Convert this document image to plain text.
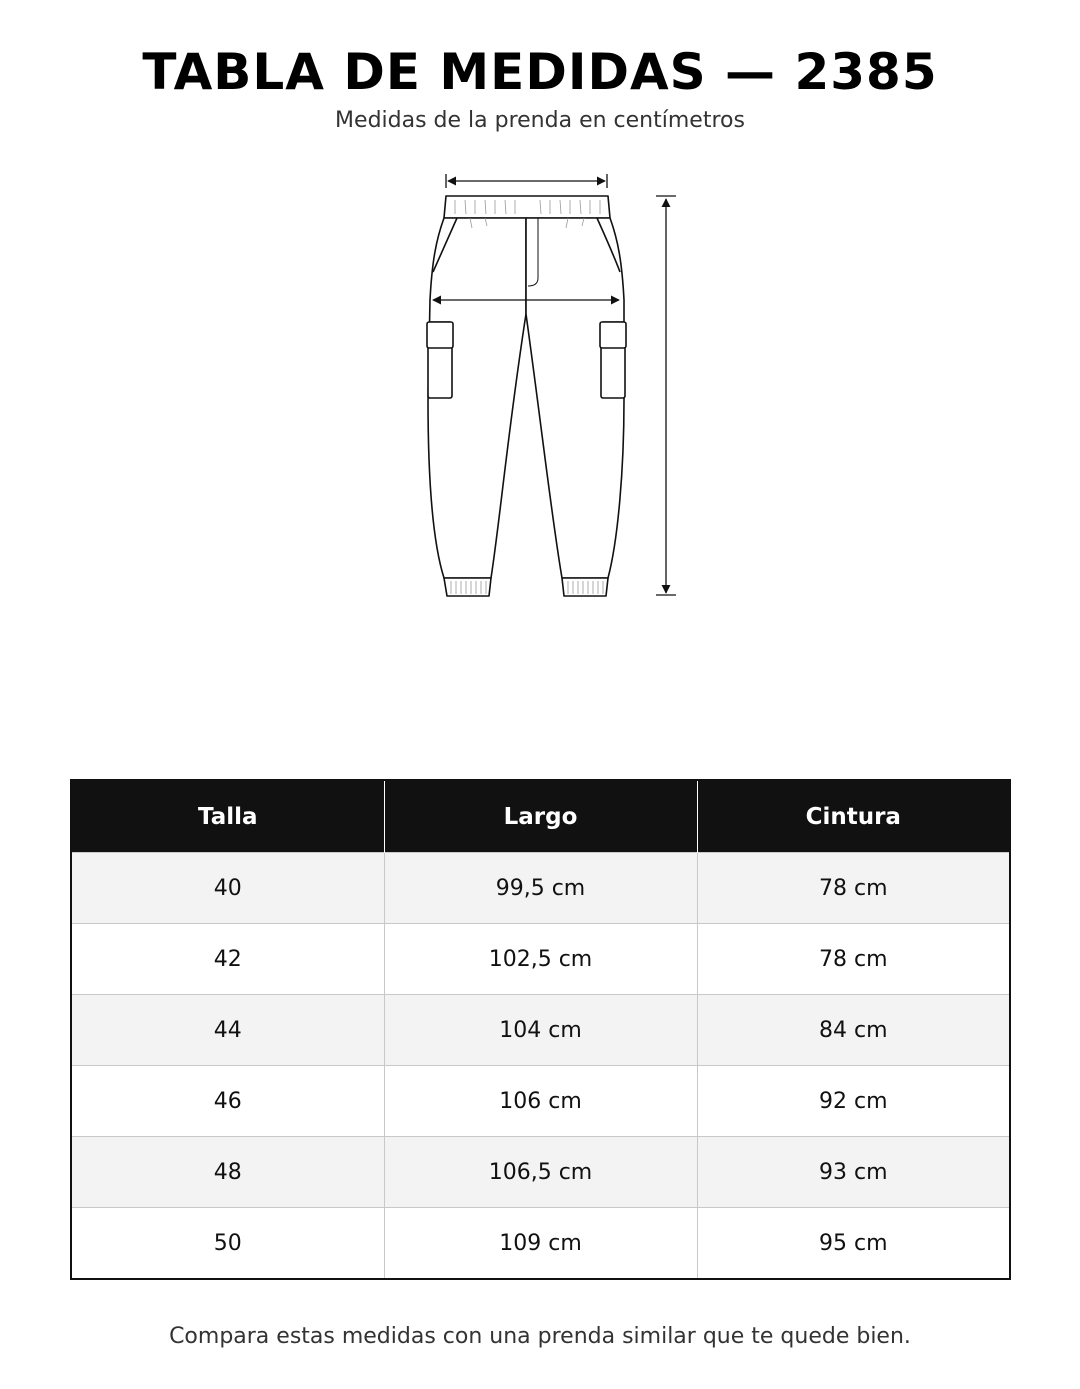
TABLA DE MEDIDAS — 2385
Medidas de la prenda en centímetros
Talla	Largo	Cintura
40	99,5 cm	78 cm
42	102,5 cm	78 cm
44	104 cm	84 cm
46	106 cm	92 cm
48	106,5 cm	93 cm
50	109 cm	95 cm
Compara estas medidas con una prenda similar que te quede bien.
